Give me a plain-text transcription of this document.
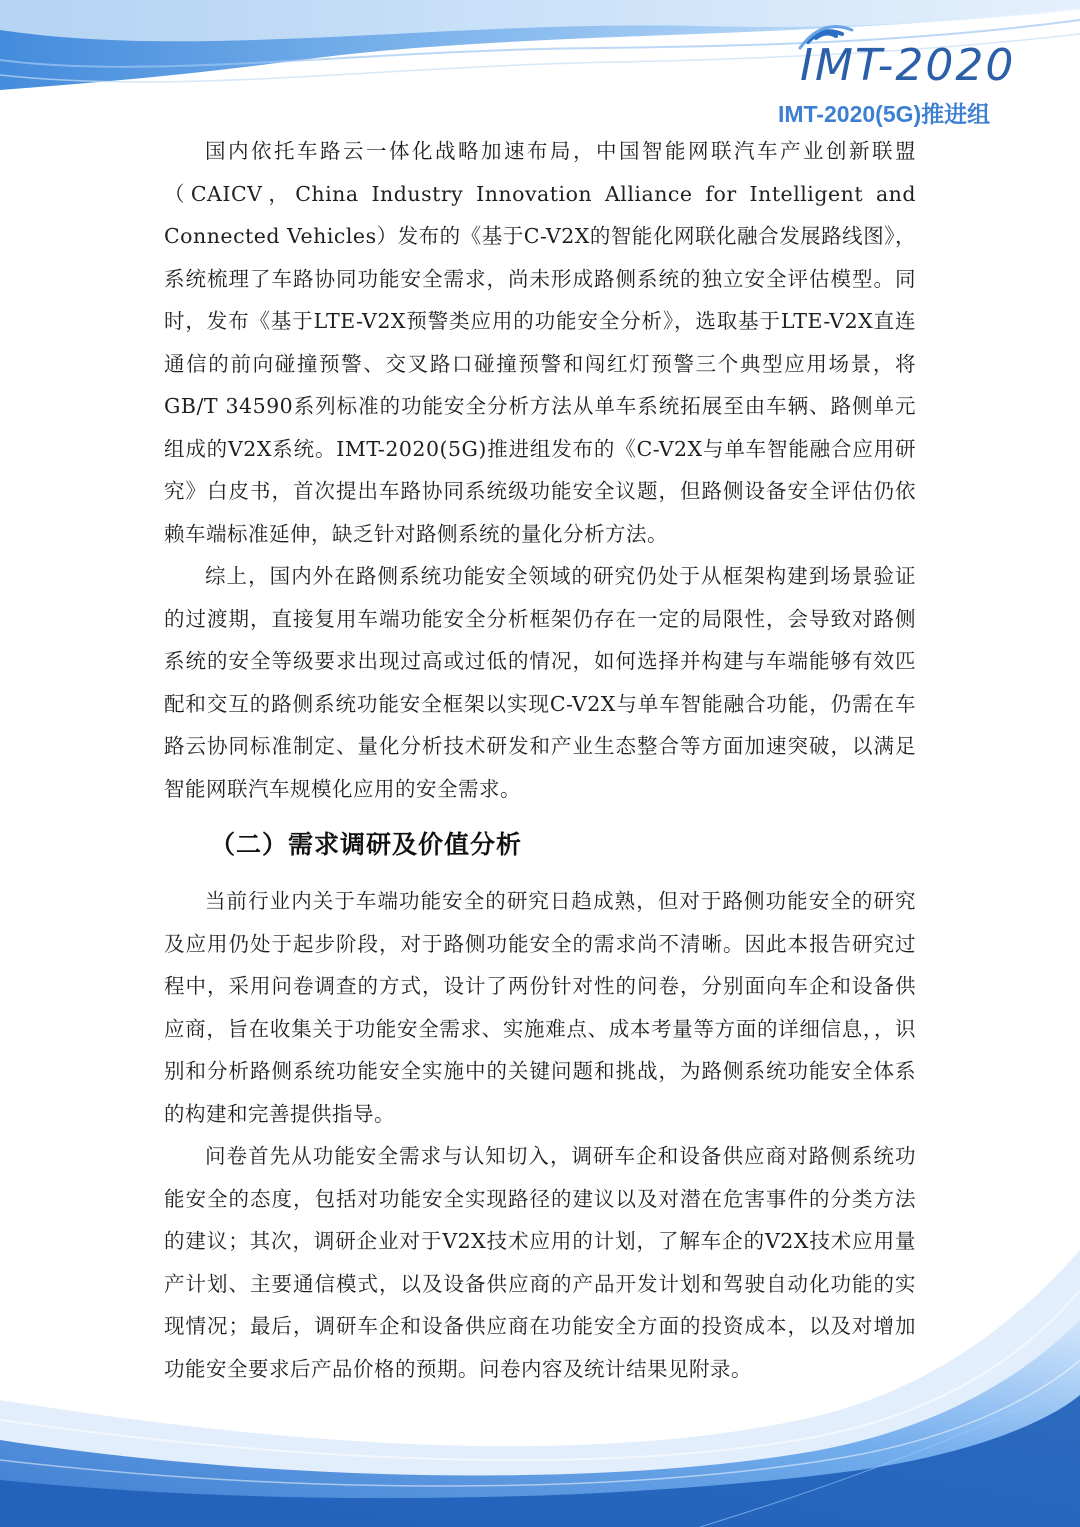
IMT-2020
IMT-2020(5G)推进组

国内依托车路云一体化战略加速布局，中国智能网联汽车产业创新联盟（CAICV，China Industry Innovation Alliance for Intelligent and Connected Vehicles）发布的《基于C-V2X的智能化网联化融合发展路线图》，系统梳理了车路协同功能安全需求，尚未形成路侧系统的独立安全评估模型。同时，发布《基于LTE-V2X预警类应用的功能安全分析》，选取基于LTE-V2X直连通信的前向碰撞预警、交叉路口碰撞预警和闯红灯预警三个典型应用场景，将GB/T 34590系列标准的功能安全分析方法从单车系统拓展至由车辆、路侧单元组成的V2X系统。IMT-2020(5G)推进组发布的《C-V2X与单车智能融合应用研究》白皮书，首次提出车路协同系统级功能安全议题，但路侧设备安全评估仍依赖车端标准延伸，缺乏针对路侧系统的量化分析方法。

综上，国内外在路侧系统功能安全领域的研究仍处于从框架构建到场景验证的过渡期，直接复用车端功能安全分析框架仍存在一定的局限性，会导致对路侧系统的安全等级要求出现过高或过低的情况，如何选择并构建与车端能够有效匹配和交互的路侧系统功能安全框架以实现C-V2X与单车智能融合功能，仍需在车路云协同标准制定、量化分析技术研发和产业生态整合等方面加速突破，以满足智能网联汽车规模化应用的安全需求。

（二）需求调研及价值分析

当前行业内关于车端功能安全的研究日趋成熟，但对于路侧功能安全的研究及应用仍处于起步阶段，对于路侧功能安全的需求尚不清晰。因此本报告研究过程中，采用问卷调查的方式，设计了两份针对性的问卷，分别面向车企和设备供应商，旨在收集关于功能安全需求、实施难点、成本考量等方面的详细信息，，识别和分析路侧系统功能安全实施中的关键问题和挑战，为路侧系统功能安全体系的构建和完善提供指导。

问卷首先从功能安全需求与认知切入，调研车企和设备供应商对路侧系统功能安全的态度，包括对功能安全实现路径的建议以及对潜在危害事件的分类方法的建议；其次，调研企业对于V2X技术应用的计划，了解车企的V2X技术应用量产计划、主要通信模式，以及设备供应商的产品开发计划和驾驶自动化功能的实现情况；最后，调研车企和设备供应商在功能安全方面的投资成本，以及对增加功能安全要求后产品价格的预期。问卷内容及统计结果见附录。
